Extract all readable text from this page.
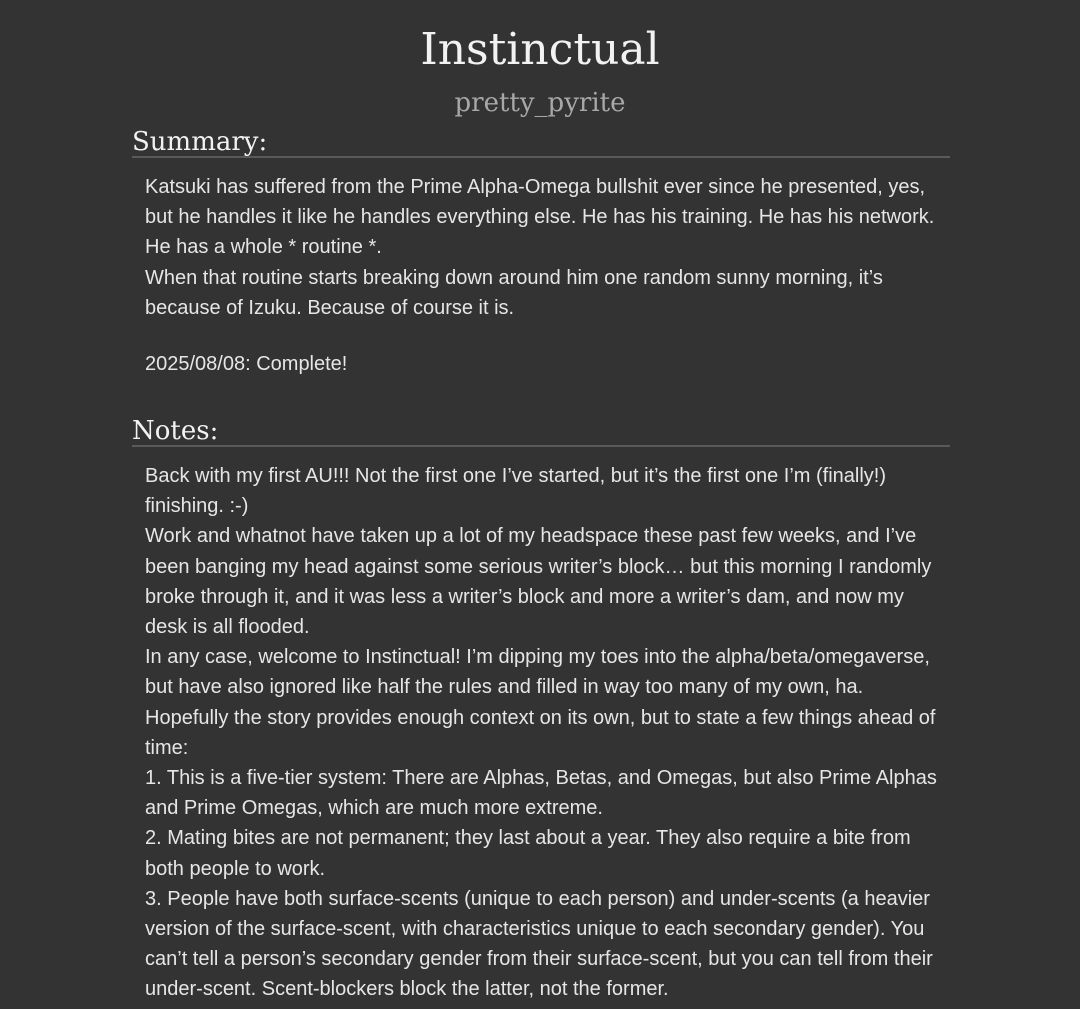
Instinctual
pretty_pyrite
Summary:

Katsuki has suffered from the Prime Alpha-Omega bullshit ever since he presented, yes, but he handles it like he handles everything else. He has his training. He has his network. He has a whole * routine *.

When that routine starts breaking down around him one random sunny morning, it’s because of Izuku. Because of course it is.

2025/08/08: Complete!
Notes:

Back with my first AU!!! Not the first one I’ve started, but it’s the first one I’m (finally!) finishing. :-)

Work and whatnot have taken up a lot of my headspace these past few weeks, and I’ve been banging my head against some serious writer’s block… but this morning I randomly broke through it, and it was less a writer’s block and more a writer’s dam, and now my desk is all flooded.

In any case, welcome to Instinctual! I’m dipping my toes into the alpha/beta/omegaverse, but have also ignored like half the rules and filled in way too many of my own, ha. Hopefully the story provides enough context on its own, but to state a few things ahead of time:

1. This is a five-tier system: There are Alphas, Betas, and Omegas, but also Prime Alphas and Prime Omegas, which are much more extreme.

2. Mating bites are not permanent; they last about a year. They also require a bite from both people to work.

3. People have both surface-scents (unique to each person) and under-scents (a heavier version of the surface-scent, with characteristics unique to each secondary gender). You can’t tell a person’s secondary gender from their surface-scent, but you can tell from their under-scent. Scent-blockers block the latter, not the former.
